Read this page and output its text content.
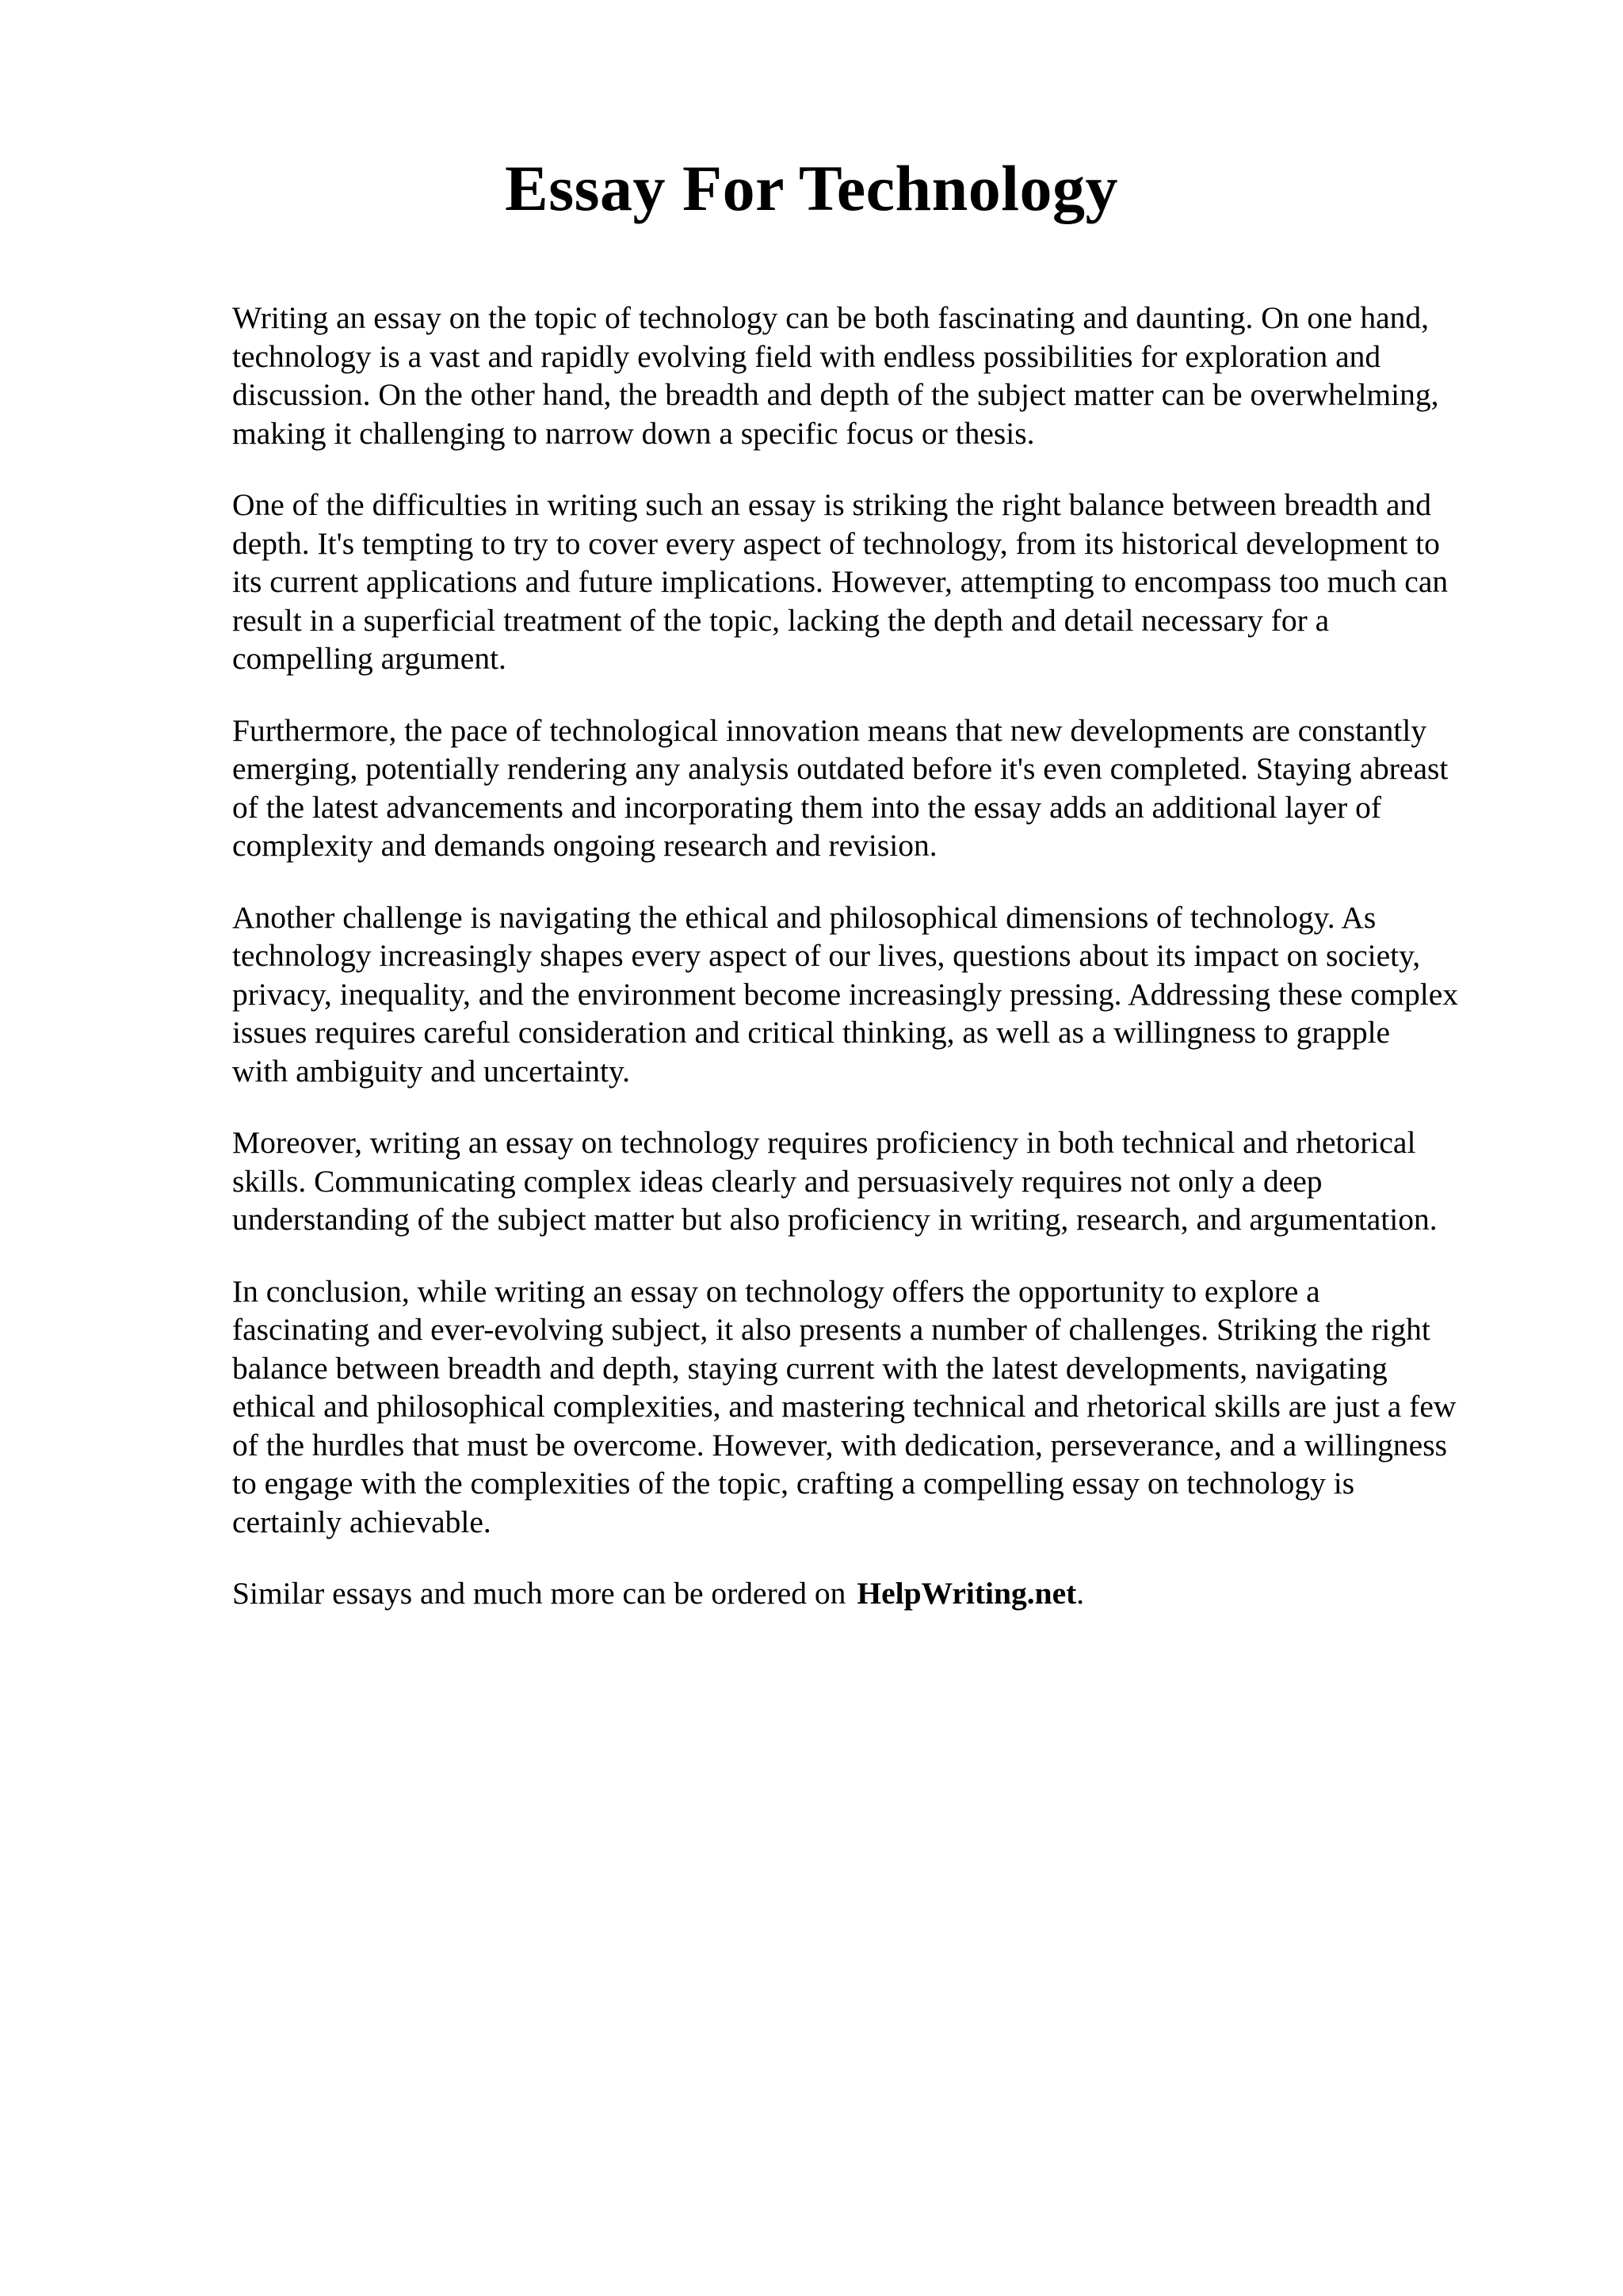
Essay For Technology

Writing an essay on the topic of technology can be both fascinating and daunting. On one hand,
technology is a vast and rapidly evolving field with endless possibilities for exploration and
discussion. On the other hand, the breadth and depth of the subject matter can be overwhelming,
making it challenging to narrow down a specific focus or thesis.

One of the difficulties in writing such an essay is striking the right balance between breadth and
depth. It's tempting to try to cover every aspect of technology, from its historical development to
its current applications and future implications. However, attempting to encompass too much can
result in a superficial treatment of the topic, lacking the depth and detail necessary for a
compelling argument.

Furthermore, the pace of technological innovation means that new developments are constantly
emerging, potentially rendering any analysis outdated before it's even completed. Staying abreast
of the latest advancements and incorporating them into the essay adds an additional layer of
complexity and demands ongoing research and revision.

Another challenge is navigating the ethical and philosophical dimensions of technology. As
technology increasingly shapes every aspect of our lives, questions about its impact on society,
privacy, inequality, and the environment become increasingly pressing. Addressing these complex
issues requires careful consideration and critical thinking, as well as a willingness to grapple
with ambiguity and uncertainty.

Moreover, writing an essay on technology requires proficiency in both technical and rhetorical
skills. Communicating complex ideas clearly and persuasively requires not only a deep
understanding of the subject matter but also proficiency in writing, research, and argumentation.

In conclusion, while writing an essay on technology offers the opportunity to explore a
fascinating and ever-evolving subject, it also presents a number of challenges. Striking the right
balance between breadth and depth, staying current with the latest developments, navigating
ethical and philosophical complexities, and mastering technical and rhetorical skills are just a few
of the hurdles that must be overcome. However, with dedication, perseverance, and a willingness
to engage with the complexities of the topic, crafting a compelling essay on technology is
certainly achievable.

Similar essays and much more can be ordered on HelpWriting.net.
